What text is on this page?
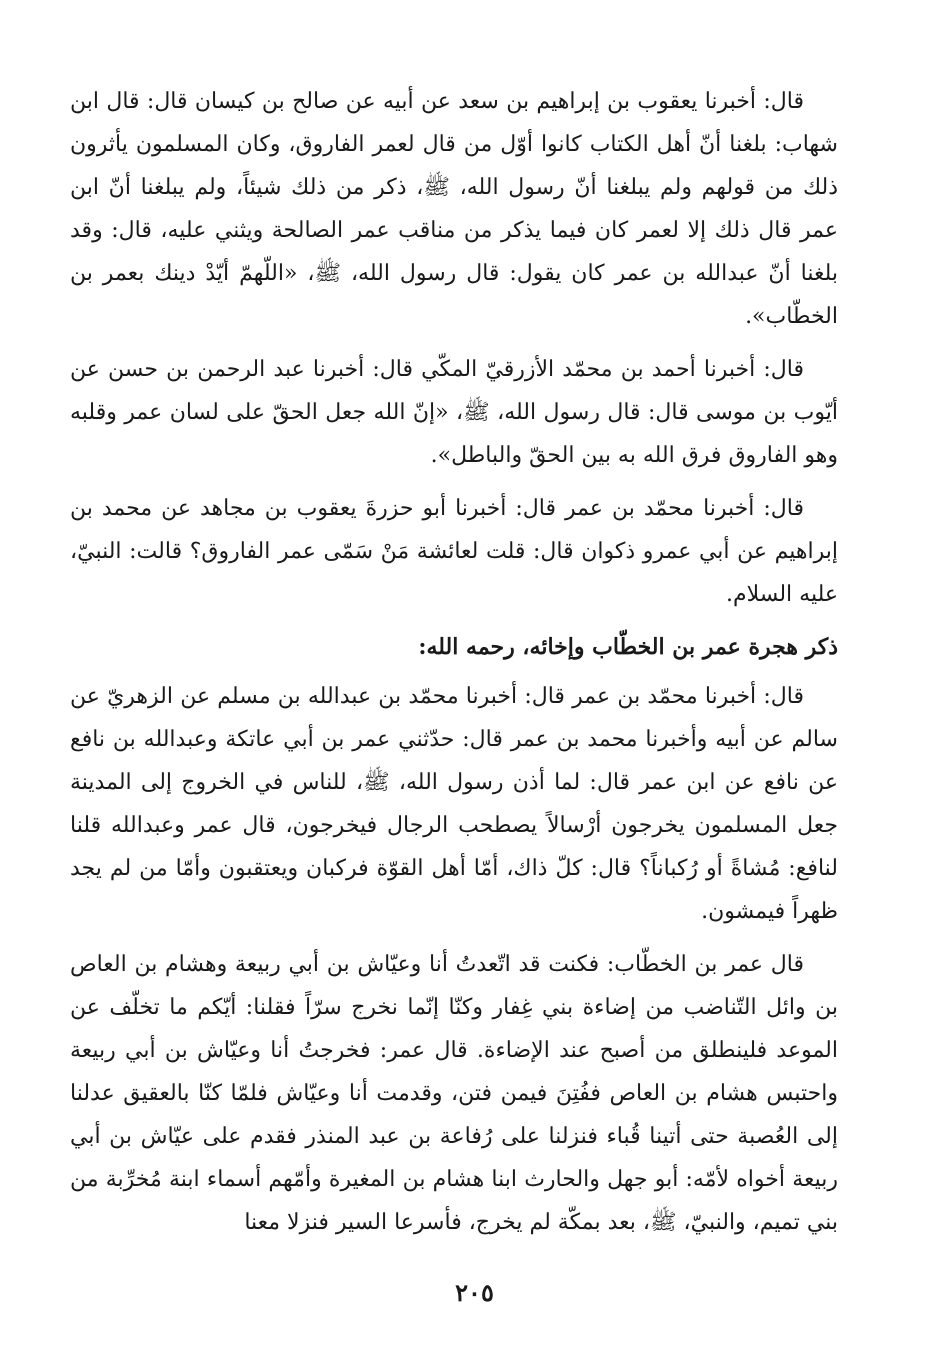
قال: أخبرنا يعقوب بن إبراهيم بن سعد عن أبيه عن صالح بن كيسان قال: قال ابن شهاب: بلغنا أنّ أهل الكتاب كانوا أوّل من قال لعمر الفاروق، وكان المسلمون يأثرون ذلك من قولهم ولم يبلغنا أنّ رسول الله، ﷺ، ذكر من ذلك شيئاً، ولم يبلغنا أنّ ابن عمر قال ذلك إلا لعمر كان فيما يذكر من مناقب عمر الصالحة ويثني عليه، قال: وقد بلغنا أنّ عبدالله بن عمر كان يقول: قال رسول الله، ﷺ، «اللّهمّ أيّدْ دينك بعمر بن الخطّاب».

قال: أخبرنا أحمد بن محمّد الأزرقيّ المكّي قال: أخبرنا عبد الرحمن بن حسن عن أيّوب بن موسى قال: قال رسول الله، ﷺ، «إنّ الله جعل الحقّ على لسان عمر وقلبه وهو الفاروق فرق الله به بين الحقّ والباطل».

قال: أخبرنا محمّد بن عمر قال: أخبرنا أبو حزرةَ يعقوب بن مجاهد عن محمد بن إبراهيم عن أبي عمرو ذكوان قال: قلت لعائشة مَنْ سَمّى عمر الفاروق؟ قالت: النبيّ، عليه السلام.

ذكر هجرة عمر بن الخطّاب وإخائه، رحمه الله:

قال: أخبرنا محمّد بن عمر قال: أخبرنا محمّد بن عبدالله بن مسلم عن الزهريّ عن سالم عن أبيه وأخبرنا محمد بن عمر قال: حدّثني عمر بن أبي عاتكة وعبدالله بن نافع عن نافع عن ابن عمر قال: لما أذن رسول الله، ﷺ، للناس في الخروج إلى المدينة جعل المسلمون يخرجون أرْسالاً يصطحب الرجال فيخرجون، قال عمر وعبدالله قلنا لنافع: مُشاةً أو رُكباناً؟ قال: كلّ ذاك، أمّا أهل القوّة فركبان ويعتقبون وأمّا من لم يجد ظهراً فيمشون.

قال عمر بن الخطّاب: فكنت قد اتّعدتُ أنا وعيّاش بن أبي ربيعة وهشام بن العاص بن وائل التّناضب من إضاءة بني غِفار وكنّا إنّما نخرج سرّاً فقلنا: أيّكم ما تخلّف عن الموعد فلينطلق من أصبح عند الإضاءة. قال عمر: فخرجتُ أنا وعيّاش بن أبي ربيعة واحتبس هشام بن العاص ففُتِنَ فيمن فتن، وقدمت أنا وعيّاش فلمّا كنّا بالعقيق عدلنا إلى العُصبة حتى أتينا قُباء فنزلنا على رُفاعة بن عبد المنذر فقدم على عيّاش بن أبي ربيعة أخواه لأمّه: أبو جهل والحارث ابنا هشام بن المغيرة وأمّهم أسماء ابنة مُخرِّبة من بني تميم، والنبيّ، ﷺ، بعد بمكّة لم يخرج، فأسرعا السير فنزلا معنا

٢٠٥
